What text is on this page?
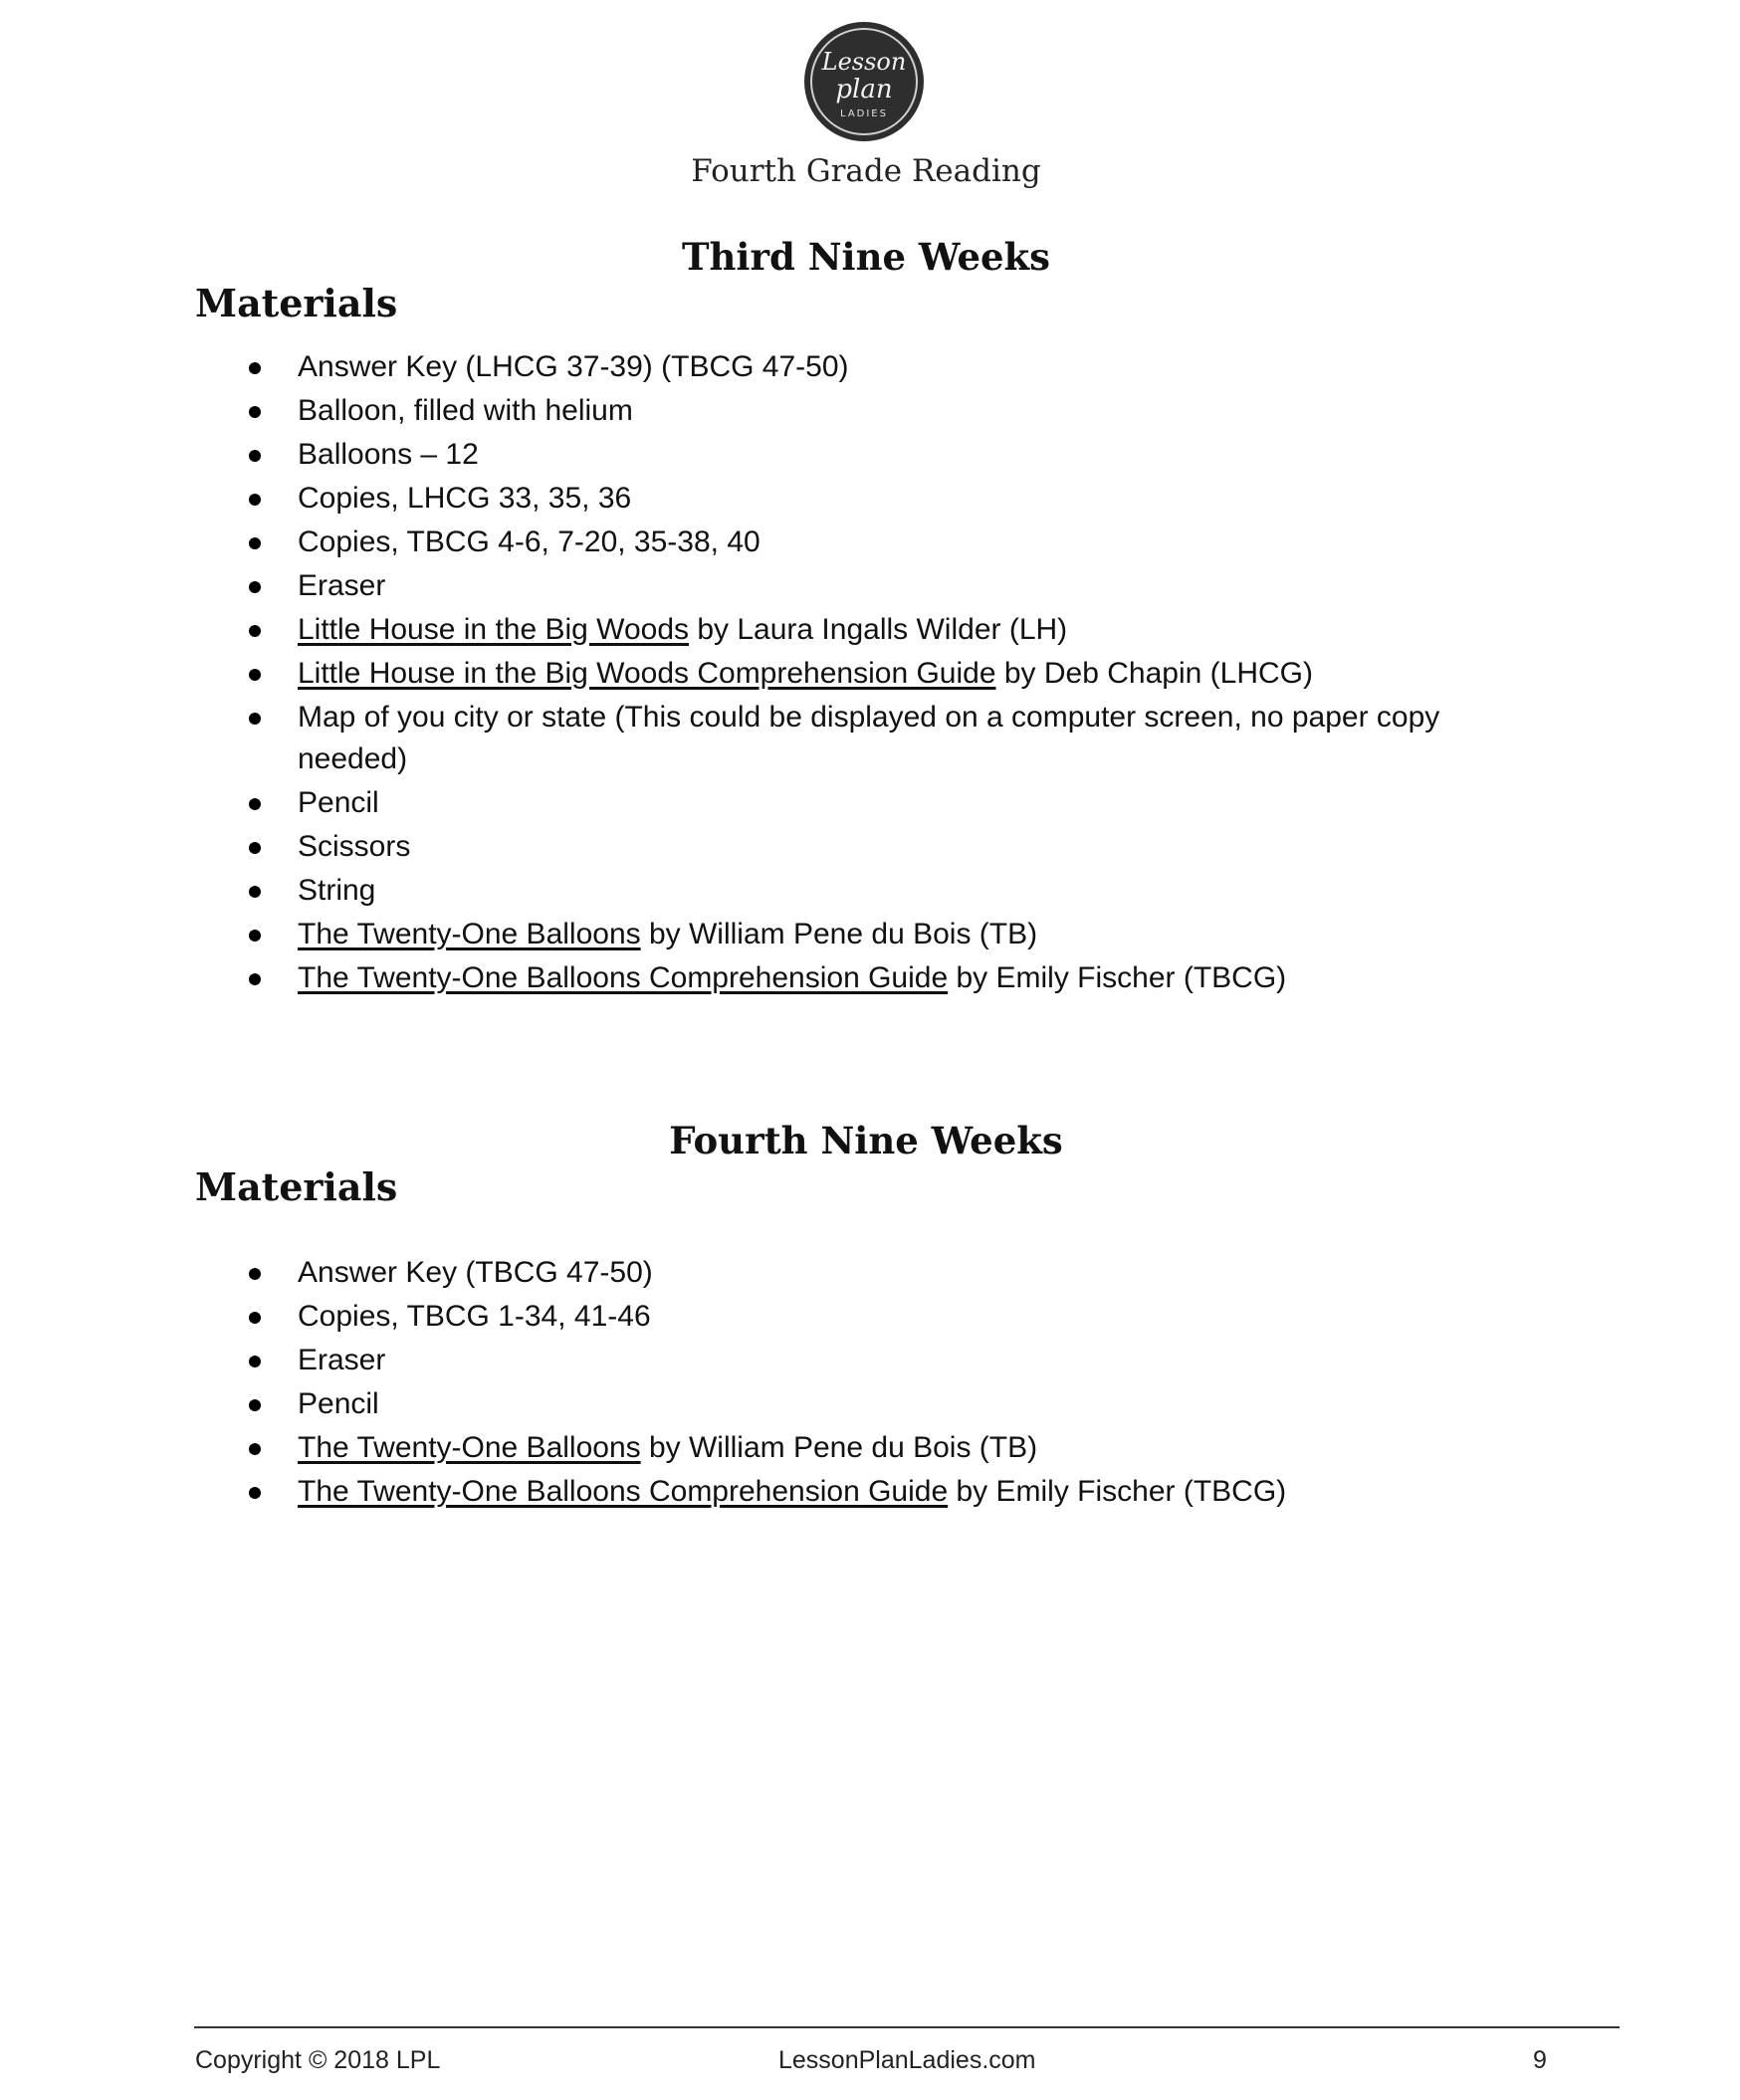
Lesson
plan
LADIES
Fourth Grade Reading
Third Nine Weeks
Materials
Answer Key (LHCG 37-39) (TBCG 47-50)
Balloon, filled with helium
Balloons – 12
Copies, LHCG 33, 35, 36
Copies, TBCG 4-6, 7-20, 35-38, 40
Eraser
Little House in the Big Woods by Laura Ingalls Wilder (LH)
Little House in the Big Woods Comprehension Guide by Deb Chapin (LHCG)
Map of you city or state (This could be displayed on a computer screen, no paper copy needed)
Pencil
Scissors
String
The Twenty-One Balloons by William Pene du Bois (TB)
The Twenty-One Balloons Comprehension Guide by Emily Fischer (TBCG)
Fourth Nine Weeks
Materials
Answer Key (TBCG 47-50)
Copies, TBCG 1-34, 41-46
Eraser
Pencil
The Twenty-One Balloons by William Pene du Bois (TB)
The Twenty-One Balloons Comprehension Guide by Emily Fischer (TBCG)
Copyright © 2018 LPL	LessonPlanLadies.com	9
